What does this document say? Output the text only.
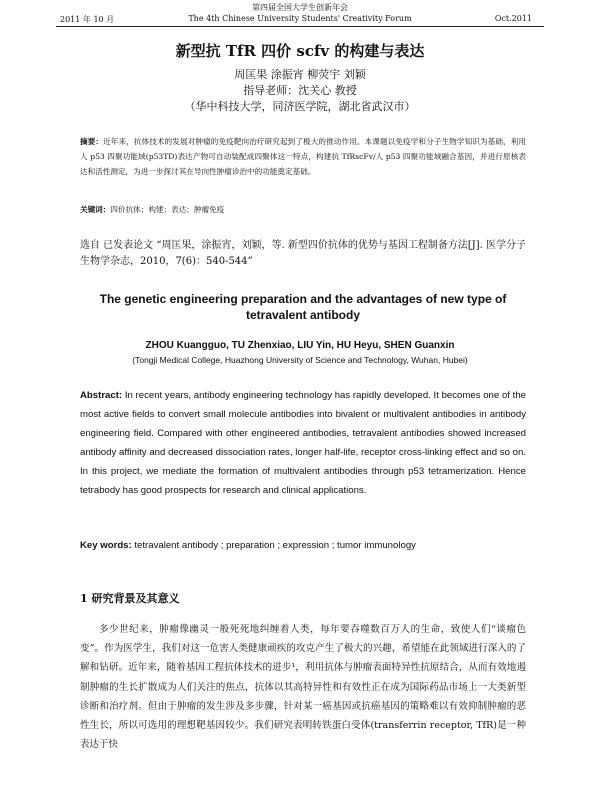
2011 年 10 月
第四届全国大学生创新年会
The 4th Chinese University Students' Creativity Forum	Oct.2011
新型抗 TfR 四价 scfv 的构建与表达
周匡果 涂振宵 柳荧宇 刘颖
指导老师：沈关心 教授
（华中科技大学，同济医学院，湖北省武汉市）
摘要：近年来，抗体技术的发展对肿瘤的免疫靶向治疗研究起到了极大的推动作用。本课题以免疫学和分子生物学知识为基础，利用人 p53 四聚功能域(p53TD)表达产物可自动装配成四聚体这一特点，构建抗 TfRscFv/人 p53 四聚功能域融合基因，并进行原核表达和活性测定，为进一步探讨其在导向性肿瘤诊治中的功能奠定基础。
关键词：四价抗体；构建；表达；肿瘤免疫
选自 已发表论文 “周匡果，涂振宵，刘颖，等. 新型四价抗体的优势与基因工程制备方法[J]. 医学分子生物学杂志，2010，7(6)：540-544”
The genetic engineering preparation and the advantages of new type of tetravalent antibody
ZHOU Kuangguo, TU Zhenxiao, LIU Yin, HU Heyu, SHEN Guanxin
(Tongji Medical College, Huazhong University of Science and Technology, Wuhan, Hubei)
Abstract: In recent years, antibody engineering technology has rapidly developed. It becomes one of the most active fields to convert small molecule antibodies into bivalent or multivalent antibodies in antibody engineering field. Compared with other engineered antibodies, tetravalent antibodies showed increased antibody affinity and decreased dissociation rates, longer half-life, receptor cross-linking effect and so on. In this project, we mediate the formation of multivalent antibodies through p53 tetramerization. Hence tetrabody has good prospects for research and clinical applications.
Key words: tetravalent antibody ; preparation ; expression ; tumor immunology
1 研究背景及其意义
多少世纪来，肿瘤像幽灵一般死死地纠缠着人类，每年要吞噬数百万人的生命，致使人们“谈瘤色变”。作为医学生，我们对这一危害人类健康顽疾的攻克产生了极大的兴趣，希望能在此领域进行深入的了解和钻研。近年来，随着基因工程抗体技术的进步¹，利用抗体与肿瘤表面特异性抗原结合，从而有效地遏制肿瘤的生长扩散成为人们关注的焦点，抗体以其高特异性和有效性正在成为国际药品市场上一大类新型诊断和治疗剂。但由于肿瘤的发生涉及多步骤，针对某一癌基因或抗癌基因的策略难以有效抑制肿瘤的恶性生长，所以可选用的理想靶基因较少。我们研究表明转铁蛋白受体(transferrin receptor, TfR)是一种表达于快
